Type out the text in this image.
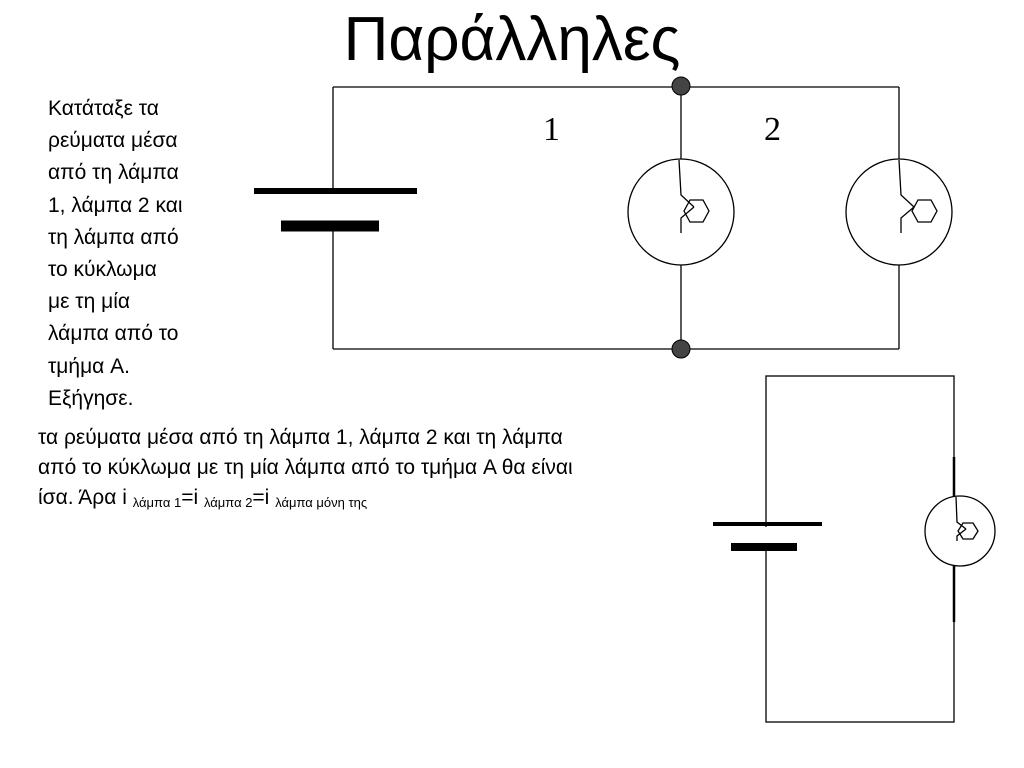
Παράλληλες
Κατάταξε τα
ρεύματα μέσα
από τη λάμπα
1, λάμπα 2 και
τη λάμπα από
το κύκλωμα
με τη μία
λάμπα από το
τμήμα A.
Εξήγησε.
τα ρεύματα μέσα από τη λάμπα 1, λάμπα 2 και τη λάμπα
από το κύκλωμα με τη μία λάμπα από το τμήμα A θα είναι
ίσα. Άρα i $_{\lambda ά\mu\pi\alpha 1}$=i $_{\lambda ά\mu\pi\alpha 2}$=i $_{\lambda ά\mu\pi\alpha \mu ό\nu\eta \tau\eta\varsigma}$
1	2
